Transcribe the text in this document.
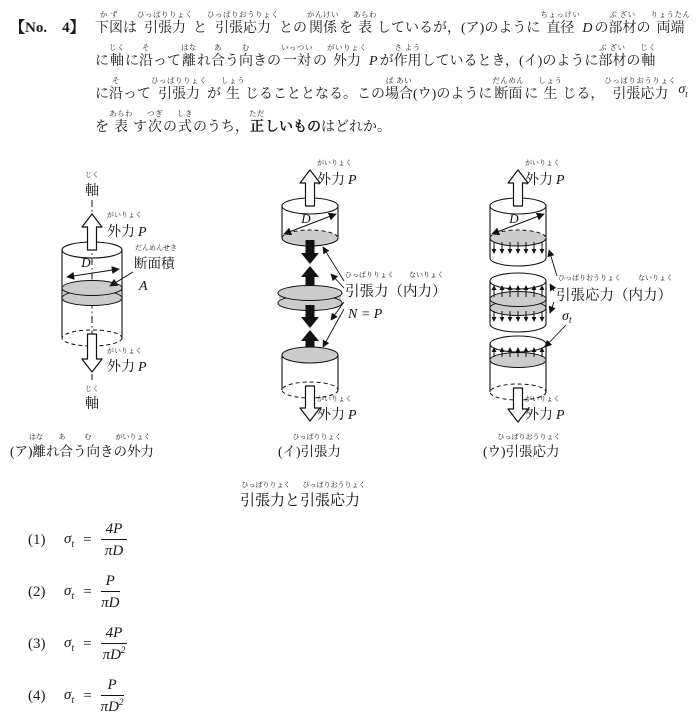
【No.　4】
か ず
下図 は
ひっぱりりょく
引張力 と
ひっぱりおうりょく
引張応力 との
かんけい
関係 を
あらわ
表 しているが，(ア)のように
ちょっけい
直径 D の
ぶ ざい
部材 の
りょうたん
両端
に
じく
軸 に
そ
沿 って
はな
離 れ
あ
合 う
む
向 きの
いっつい
一対 の
がいりょく
外力 P が
さ よう
作用 しているとき，(イ)のように
ぶ ざい
部材 の
じく
軸
に
そ
沿 って
ひっぱりりょく
引張力 が
しょう
生 じることとなる。この
ば あい
場合 (ウ)のように
だんめん
断面 に
しょう
生 じる，
ひっぱりおうりょく
引張応力 $\sigma_t$
を
あらわ
表 す
つぎ
次 の
しき
式 のうち，
ただ
正 しいもの はどれか。
じく
軸
D
だんめんせき
断面積
A
がいりょく
外力 P
がいりょく
外力 P
じく
軸
はな あ	む	がいりょく
(ア)離れ合う向きの外力
D
がいりょく
外力 P
がいりょく
外力 P
ひっぱりりょく ないりょく
引張力（内力）
N = P
ひっぱりりょく
(イ)引張力
D
がいりょく
外力 P
がいりょく
外力 P
ひっぱりおうりょく ないりょく
引張応力（内力）
$\sigma_t$
ひっぱりおうりょく
(ウ)引張応力
ひっぱりりょく ひっぱりおうりょく
引張力と引張応力
(1)	$\sigma_t = \frac{4P}{\pi D}$
(2)	$\sigma_t = \frac{P}{\pi D}$
(3)	$\sigma_t = \frac{4P}{\pi D^2}$
(4)	$\sigma_t = \frac{P}{\pi D^2}$
